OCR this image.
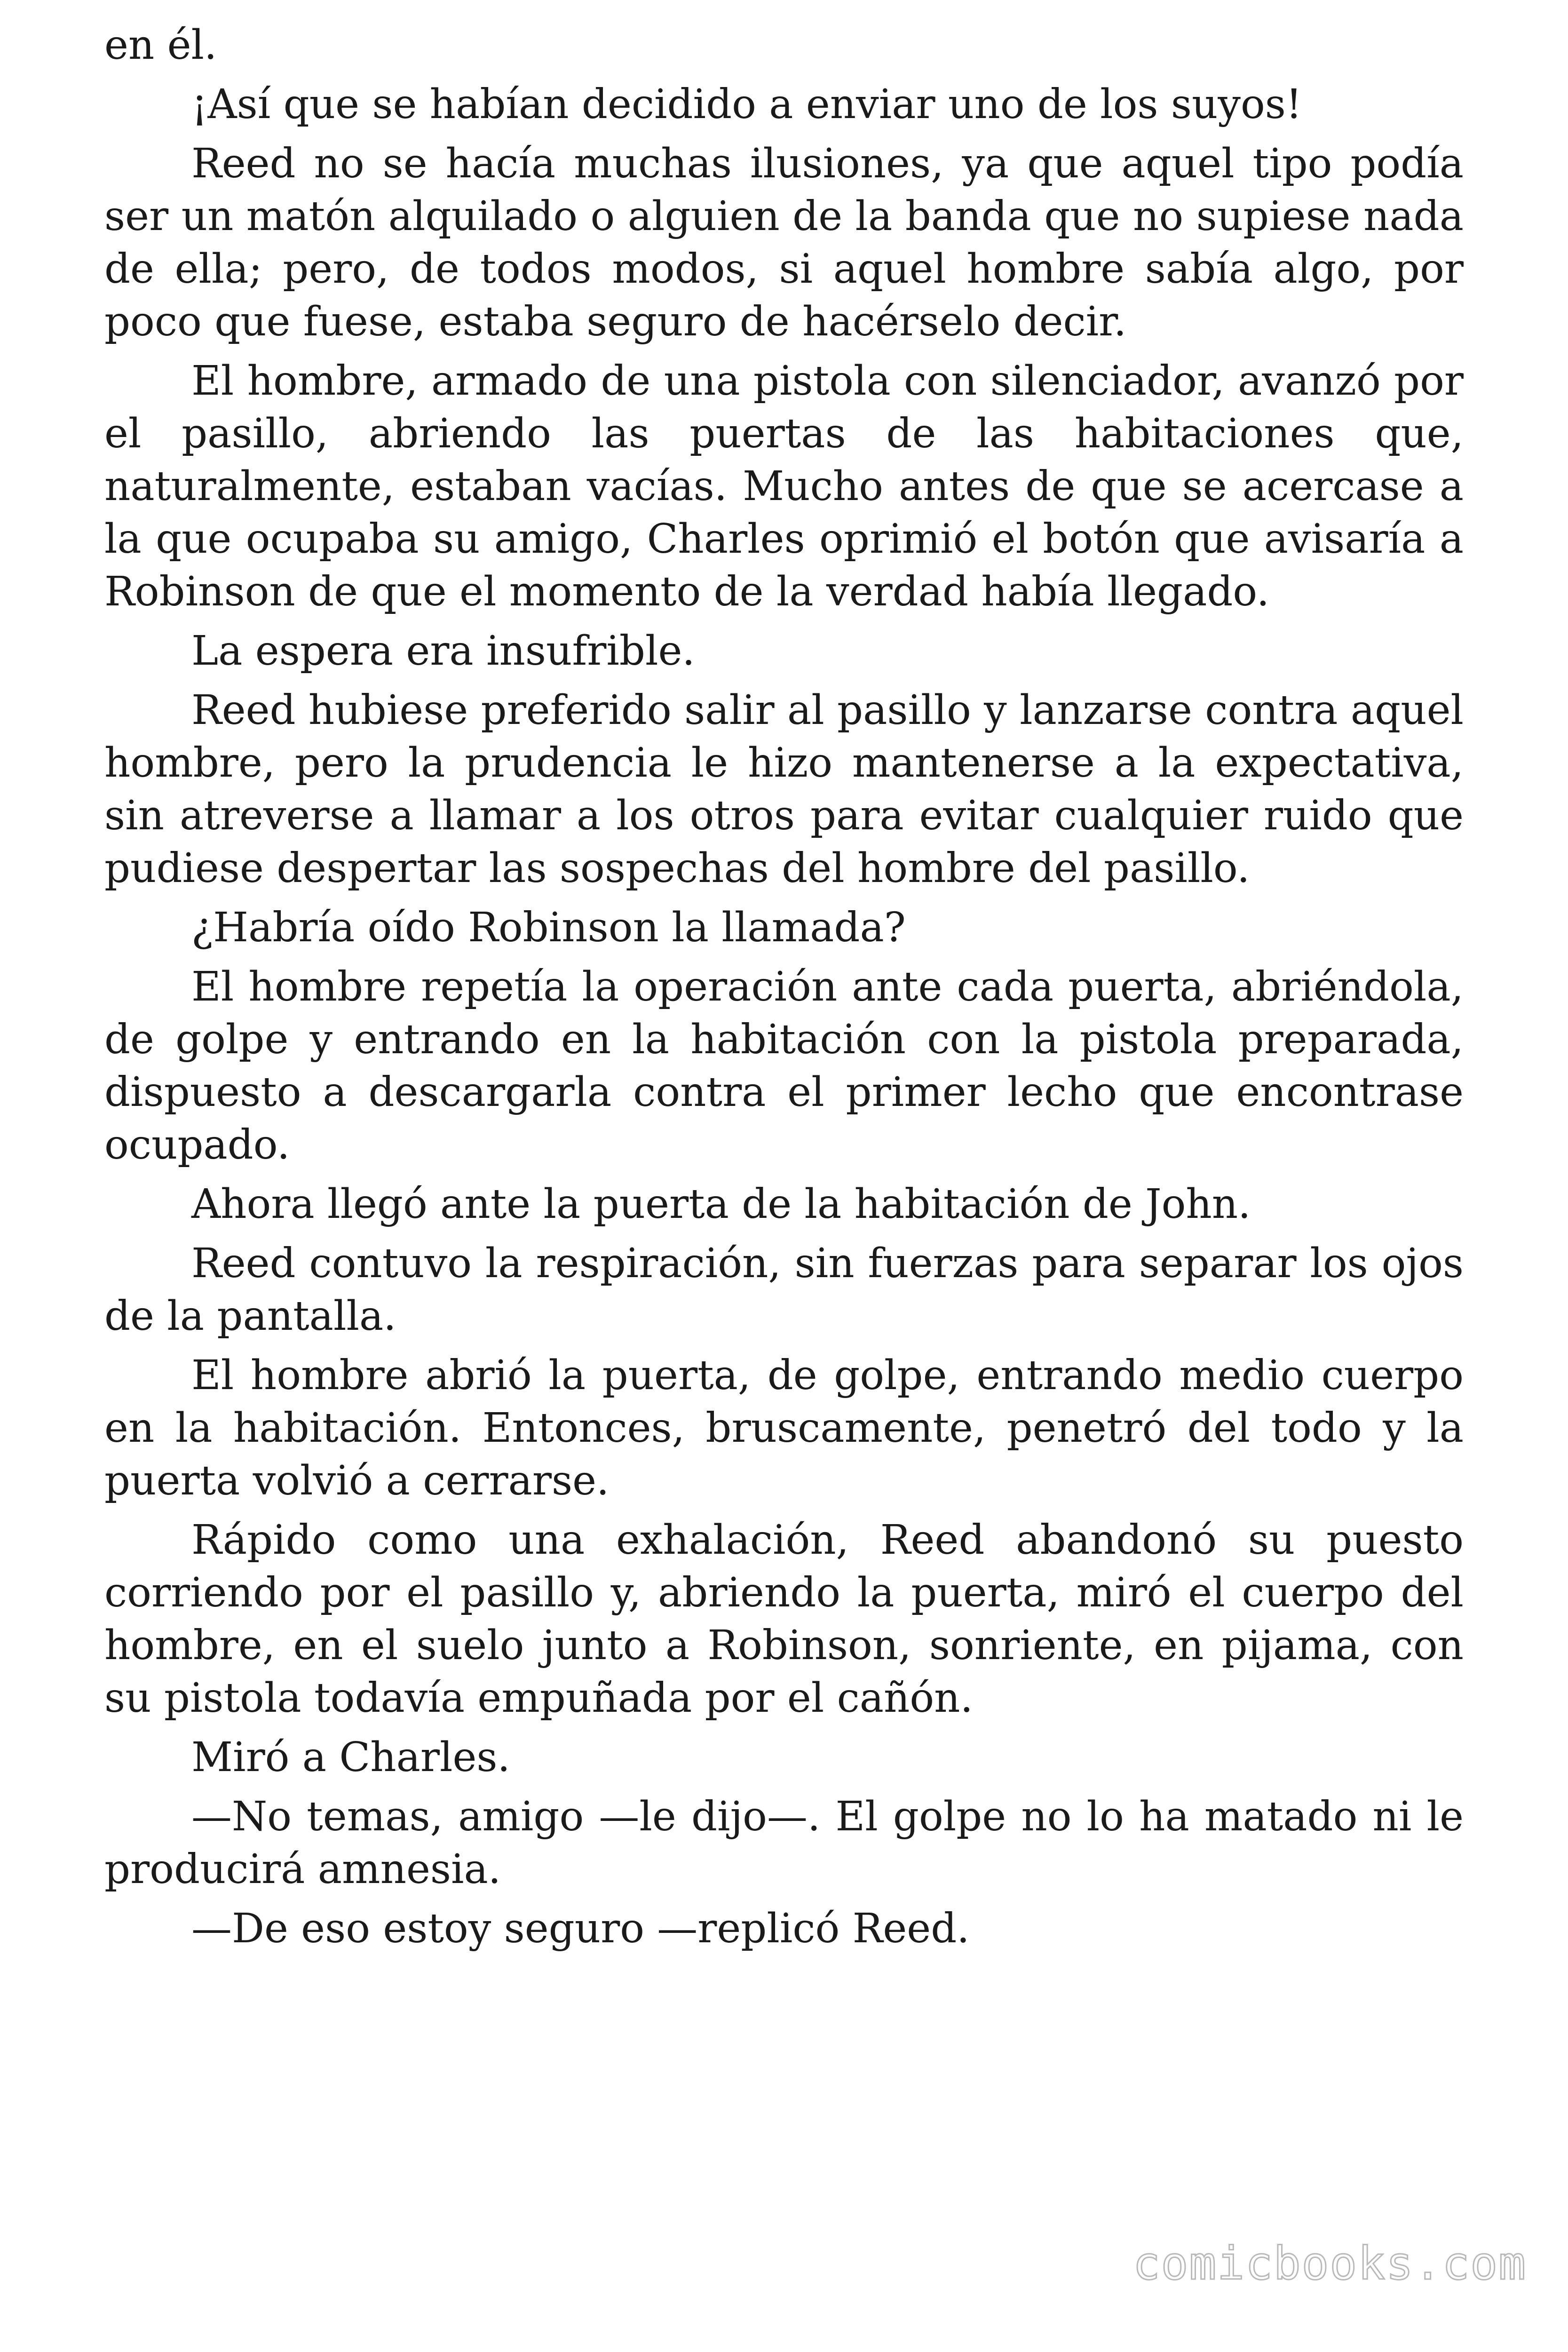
en él.

¡Así que se habían decidido a enviar uno de los suyos!

Reed no se hacía muchas ilusiones, ya que aquel tipo podía ser un matón alquilado o alguien de la banda que no supiese nada de ella; pero, de todos modos, si aquel hombre sabía algo, por poco que fuese, estaba seguro de hacérselo decir.

El hombre, armado de una pistola con silenciador, avanzó por el pasillo, abriendo las puertas de las habitaciones que, naturalmente, estaban vacías. Mucho antes de que se acercase a la que ocupaba su amigo, Charles oprimió el botón que avisaría a Robinson de que el momento de la verdad había llegado.

La espera era insufrible.

Reed hubiese preferido salir al pasillo y lanzarse contra aquel hombre, pero la prudencia le hizo mantenerse a la expectativa, sin atreverse a llamar a los otros para evitar cualquier ruido que pudiese despertar las sospechas del hombre del pasillo.

¿Habría oído Robinson la llamada?

El hombre repetía la operación ante cada puerta, abriéndola, de golpe y entrando en la habitación con la pistola preparada, dispuesto a descargarla contra el primer lecho que encontrase ocupado.

Ahora llegó ante la puerta de la habitación de John.

Reed contuvo la respiración, sin fuerzas para separar los ojos de la pantalla.

El hombre abrió la puerta, de golpe, entrando medio cuerpo en la habitación. Entonces, bruscamente, penetró del todo y la puerta volvió a cerrarse.

Rápido como una exhalación, Reed abandonó su puesto corriendo por el pasillo y, abriendo la puerta, miró el cuerpo del hombre, en el suelo junto a Robinson, sonriente, en pijama, con su pistola todavía empuñada por el cañón.

Miró a Charles.

—No temas, amigo —le dijo—. El golpe no lo ha matado ni le producirá amnesia.

—De eso estoy seguro —replicó Reed.

comicbooks.com
